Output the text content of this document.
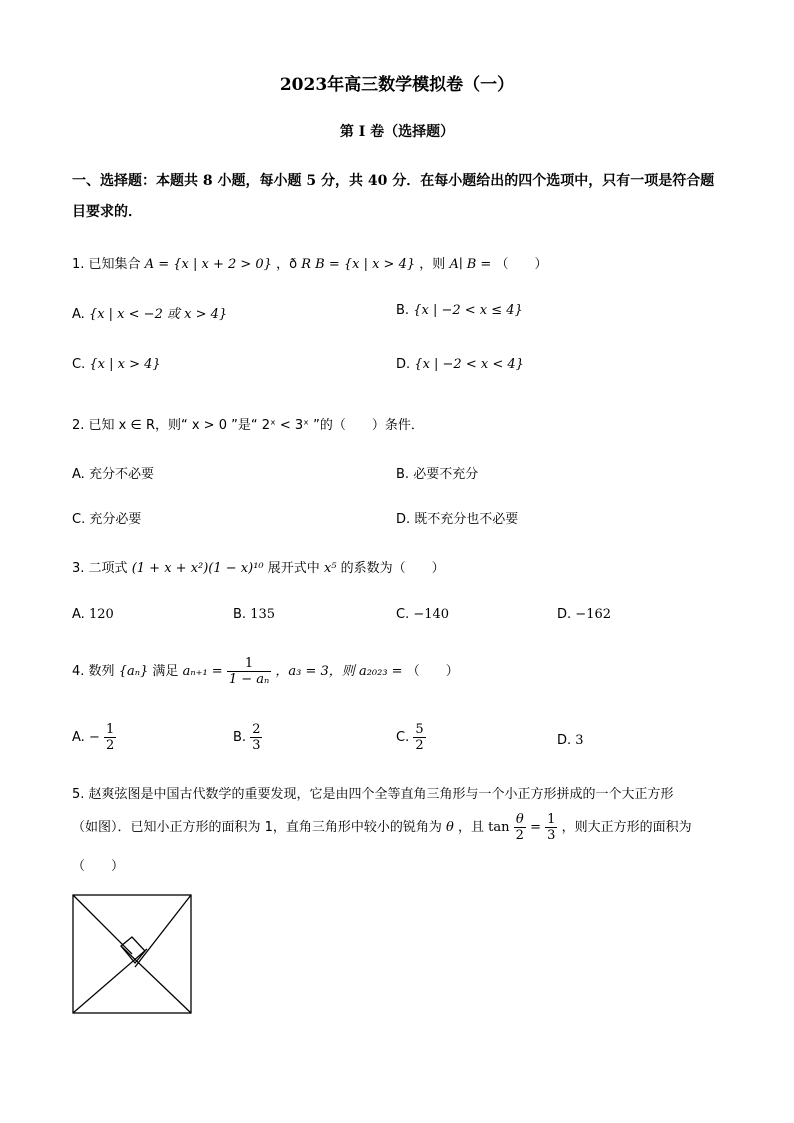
2023年高三数学模拟卷（一）
第 I 卷（选择题）
一、选择题：本题共 8 小题，每小题 5 分，共 40 分．在每小题给出的四个选项中，只有一项是符合题目要求的．
1. 已知集合 A = {x | x + 2 > 0} ，ð R B = {x | x > 4} ，则 A∣ B = （　　）
A. {x | x < −2 或 x > 4}	B. {x | −2 < x ≤ 4}
C. {x | x > 4}	D. {x | −2 < x < 4}
2. 已知 x ∈ R，则“ x > 0 ”是“ 2ˣ < 3ˣ ”的（　　）条件．
A. 充分不必要	B. 必要不充分
C. 充分必要	D. 既不充分也不必要
3. 二项式 (1 + x + x²)(1 − x)¹⁰ 展开式中 x⁵ 的系数为（　　）
A. 120	B. 135	C. −140	D. −162
4. 数列 {aₙ} 满足 $a_{n+1} = \frac{1}{\text{1 − aₙ}}$ ，a₃ = 3，则 a₂₀₂₃ = （　　）
A. − $\frac{1}{2}$	B. $\frac{2}{3}$	C. $\frac{5}{2}$	D. 3
5. 赵爽弦图是中国古代数学的重要发现，它是由四个全等直角三角形与一个小正方形拼成的一个大正方形
（如图）．已知小正方形的面积为 1，直角三角形中较小的锐角为 θ ，且 $\tan \frac{\theta}{2} = \frac{1}{3}$ ，则大正方形的面积为
（　　）
